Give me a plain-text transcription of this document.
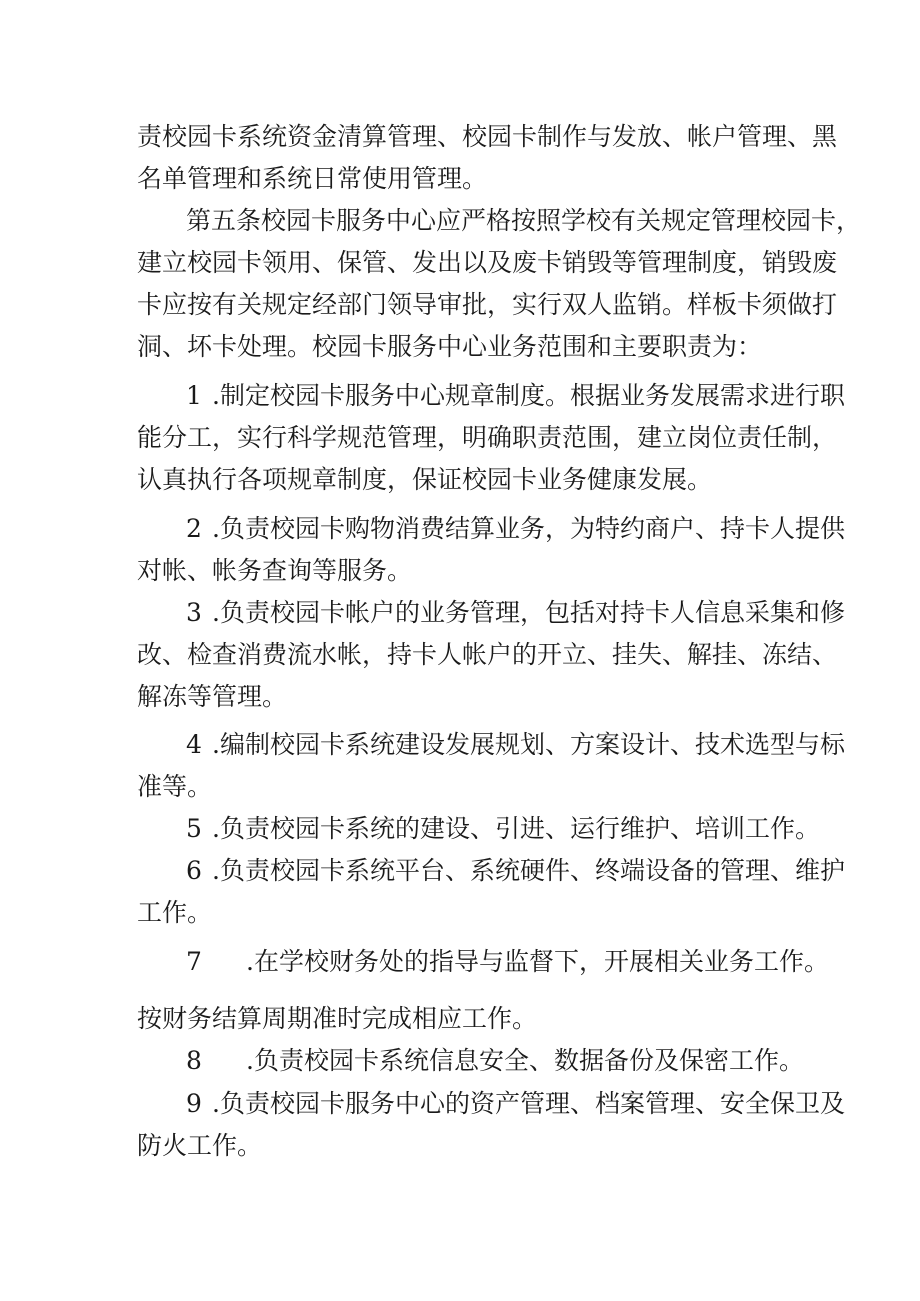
责校园卡系统资金清算管理、校园卡制作与发放、帐户管理、黑
名单管理和系统日常使用管理。
第五条校园卡服务中心应严格按照学校有关规定管理校园卡，
建立校园卡领用、保管、发出以及废卡销毁等管理制度，销毁废
卡应按有关规定经部门领导审批，实行双人监销。样板卡须做打
洞、坏卡处理。校园卡服务中心业务范围和主要职责为：
1 .制定校园卡服务中心规章制度。根据业务发展需求进行职
能分工，实行科学规范管理，明确职责范围，建立岗位责任制，
认真执行各项规章制度，保证校园卡业务健康发展。
2 .负责校园卡购物消费结算业务，为特约商户、持卡人提供
对帐、帐务查询等服务。
3 .负责校园卡帐户的业务管理，包括对持卡人信息采集和修
改、检查消费流水帐，持卡人帐户的开立、挂失、解挂、冻结、
解冻等管理。
4 .编制校园卡系统建设发展规划、方案设计、技术选型与标
准等。
5 .负责校园卡系统的建设、引进、运行维护、培训工作。
6 .负责校园卡系统平台、系统硬件、终端设备的管理、维护
工作。
7 .在学校财务处的指导与监督下，开展相关业务工作。
按财务结算周期准时完成相应工作。
8 .负责校园卡系统信息安全、数据备份及保密工作。
9 .负责校园卡服务中心的资产管理、档案管理、安全保卫及
防火工作。
